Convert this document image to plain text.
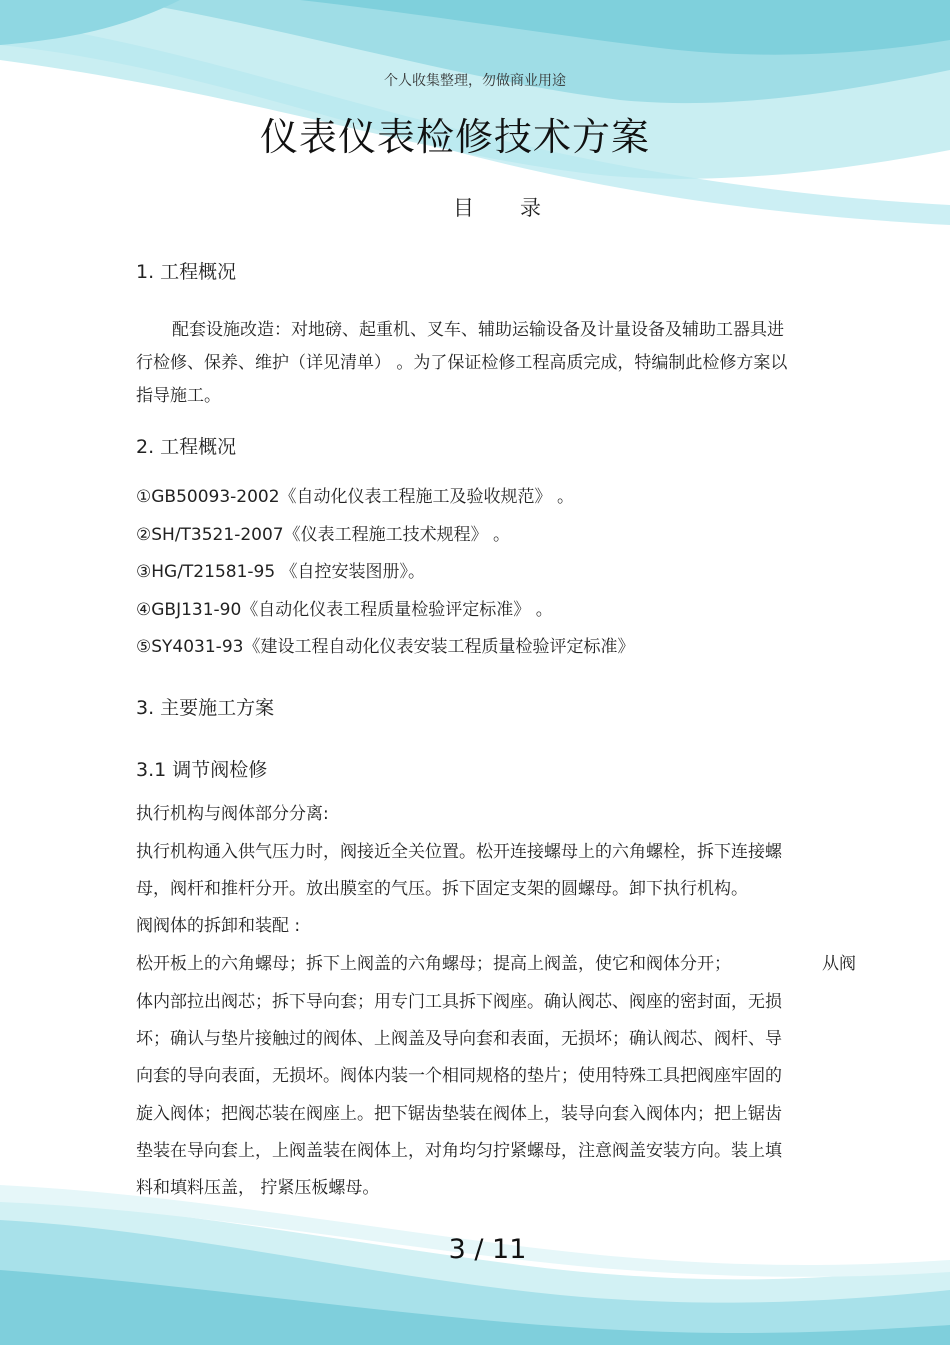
个人收集整理，勿做商业用途
仪表仪表检修技术方案
目 录
1. 工程概况
配套设施改造：对地磅、起重机、叉车、辅助运输设备及计量设备及辅助工器具进
行检修、保养、维护（详见清单） 。为了保证检修工程高质完成，特编制此检修方案以
指导施工。
2. 工程概况
①GB50093-2002《自动化仪表工程施工及验收规范》 。
②SH/T3521-2007《仪表工程施工技术规程》 。
③HG/T21581-95 《自控安装图册》。
④GBJ131-90《自动化仪表工程质量检验评定标准》 。
⑤SY4031-93《建设工程自动化仪表安装工程质量检验评定标准》
3. 主要施工方案
3.1 调节阀检修
执行机构与阀体部分分离:
执行机构通入供气压力时，阀接近全关位置。松开连接螺母上的六角螺栓，拆下连接螺
母，阀杆和推杆分开。放出膜室的气压。拆下固定支架的圆螺母。卸下执行机构。
阀阀体的拆卸和装配 :
松开板上的六角螺母；拆下上阀盖的六角螺母；提高上阀盖，使它和阀体分开；	从阀
体内部拉出阀芯；拆下导向套；用专门工具拆下阀座。确认阀芯、阀座的密封面，无损
坏；确认与垫片接触过的阀体、上阀盖及导向套和表面，无损坏；确认阀芯、阀杆、导
向套的导向表面，无损坏。阀体内装一个相同规格的垫片；使用特殊工具把阀座牢固的
旋入阀体；把阀芯装在阀座上。把下锯齿垫装在阀体上，装导向套入阀体内；把上锯齿
垫装在导向套上，上阀盖装在阀体上，对角均匀拧紧螺母，注意阀盖安装方向。装上填
料和填料压盖， 拧紧压板螺母。
3 / 11
